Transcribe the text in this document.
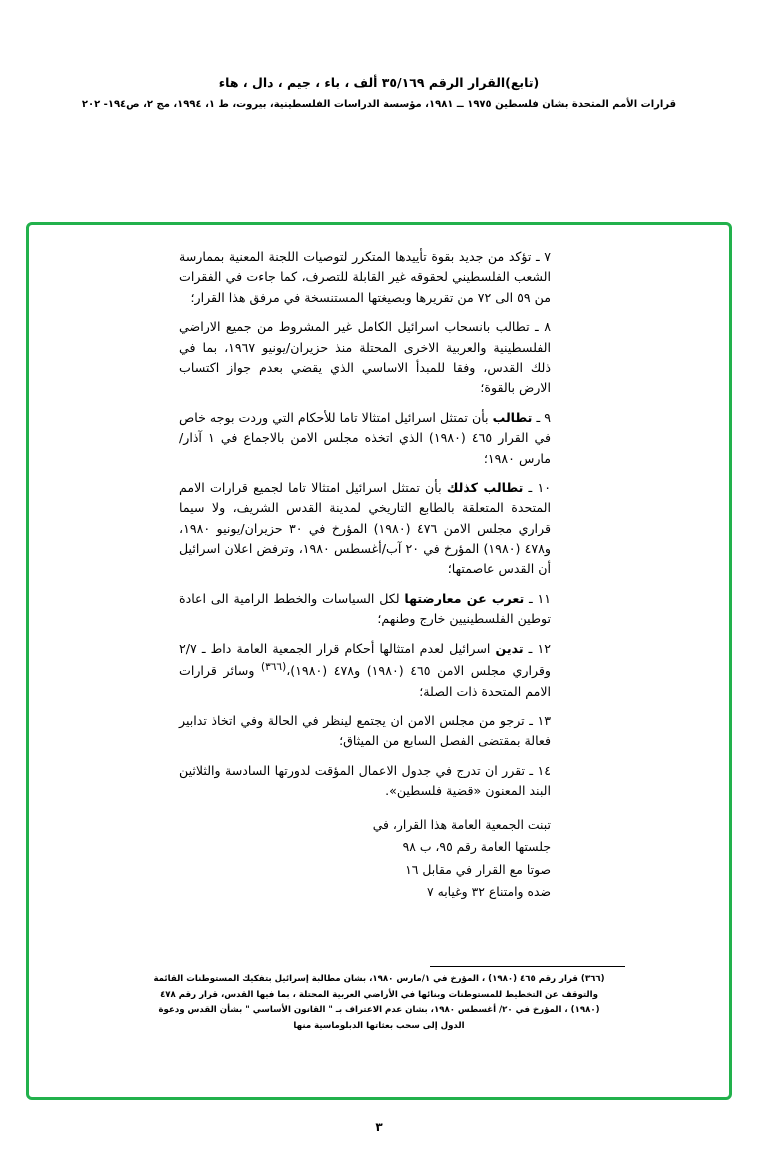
(تابع)القرار الرقم ٣٥/١٦٩ ألف ، باء ، جيم ، دال ، هاء
قرارات الأمم المتحدة بشان فلسطين ١٩٧٥ ــ ١٩٨١، مؤسسة الدراسات الفلسطينية، بيروت، ط ١، ١٩٩٤، مج ٢، ص١٩٤- ٢٠٢

٧ ـ تؤكد من جديد بقوة تأييدها المتكرر لتوصيات اللجنة المعنية بممارسة الشعب الفلسطيني لحقوقه غير القابلة للتصرف، كما جاءت في الفقرات من ٥٩ الى ٧٢ من تقريرها وبصيغتها المستنسخة في مرفق هذا القرار؛

٨ ـ تطالب بانسحاب اسرائيل الكامل غير المشروط من جميع الاراضي الفلسطينية والعربية الاخرى المحتلة منذ حزيران/يونيو ١٩٦٧، بما في ذلك القدس، وفقا للمبدأ الاساسي الذي يقضي بعدم جواز اكتساب الارض بالقوة؛

٩ ـ تطالب بأن تمتثل اسرائيل امتثالا تاما للأحكام التي وردت بوجه خاص في القرار ٤٦٥ (١٩٨٠) الذي اتخذه مجلس الامن بالاجماع في ١ آذار/مارس ١٩٨٠؛

١٠ ـ تطالب كذلك بأن تمتثل اسرائيل امتثالا تاما لجميع قرارات الامم المتحدة المتعلقة بالطابع التاريخي لمدينة القدس الشريف، ولا سيما قراري مجلس الامن ٤٧٦ (١٩٨٠) المؤرخ في ٣٠ حزيران/يونيو ١٩٨٠، و٤٧٨ (١٩٨٠) المؤرخ في ٢٠ آب/أغسطس ١٩٨٠، وترفض اعلان اسرائيل أن القدس عاصمتها؛

١١ ـ تعرب عن معارضتها لكل السياسات والخطط الرامية الى اعادة توطين الفلسطينيين خارج وطنهم؛

١٢ ـ تدين اسرائيل لعدم امتثالها أحكام قرار الجمعية العامة داط ـ ٢/٧ وقراري مجلس الامن ٤٦٥ (١٩٨٠) و٤٧٨ (١٩٨٠)،$^{(٣٦٦)}$ وسائر قرارات الامم المتحدة ذات الصلة؛

١٣ ـ ترجو من مجلس الامن ان يجتمع لينظر في الحالة وفي اتخاذ تدابير فعالة بمقتضى الفصل السابع من الميثاق؛

١٤ ـ تقرر ان تدرج في جدول الاعمال المؤقت لدورتها السادسة والثلاثين البند المعنون «قضية فلسطين».

تبنت الجمعية العامة هذا القرار، في

جلستها العامة رقم ٩٥، ب ٩٨

صوتا مع القرار في مقابل ١٦

ضده وامتناع ٣٢ وغيابه ٧

(٣٦٦) قرار رقم ٤٦٥ (١٩٨٠) ، المؤرخ في ١/مارس ١٩٨٠، بشان مطالبة إسرائيل بتفكيك المستوطنات القائمة

والتوقف عن التخطيط للمستوطنات وبنائها في الأراضي العربية المحتلة ، بما فيها القدس، قرار رقم ٤٧٨

(١٩٨٠) ، المؤرخ في ٢٠/ أغسطس ١٩٨٠، بشان عدم الاعتراف بـ " القانون الأساسي " بشأن القدس ودعوة

الدول إلى سحب بعثاتها الدبلوماسية منها

٣
